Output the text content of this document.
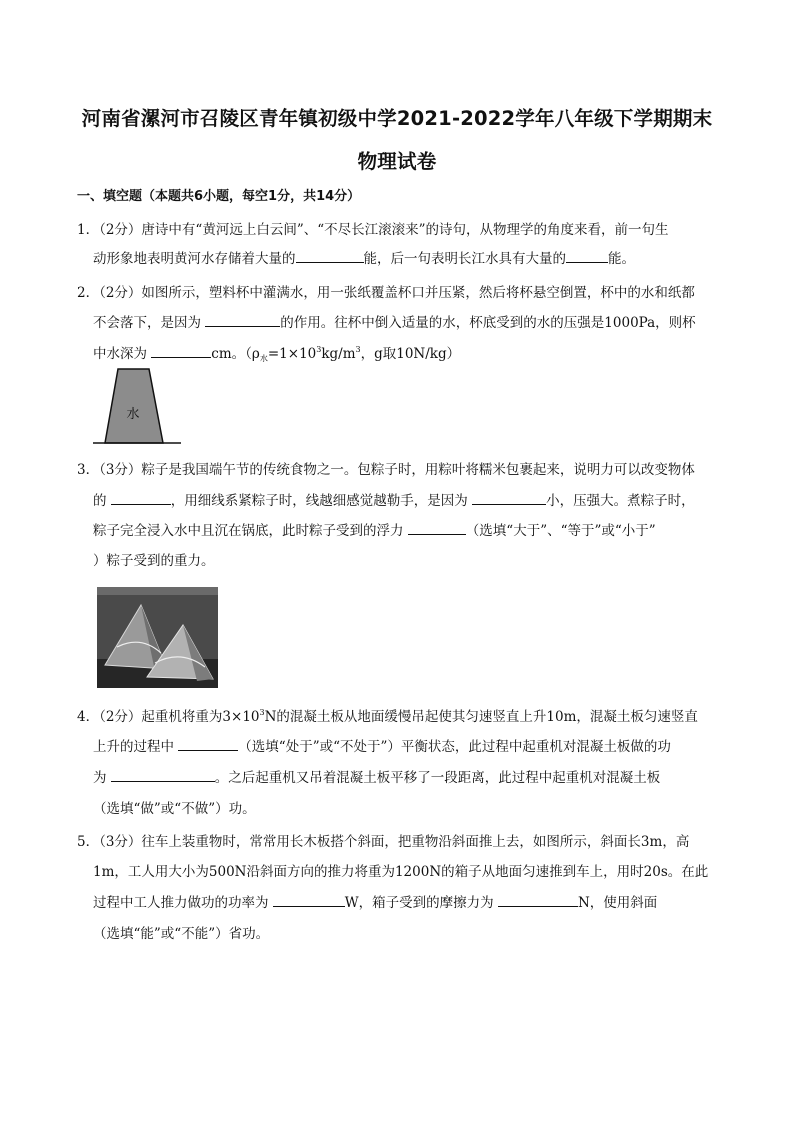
河南省漯河市召陵区青年镇初级中学2021-2022学年八年级下学期期末
物理试卷
一、填空题（本题共6小题，每空1分，共14分）
1．（2分）唐诗中有“黄河远上白云间”、“不尽长江滚滚来”的诗句，从物理学的角度来看，前一句生
动形象地表明黄河水存储着大量的	能，后一句表明长江水具有大量的	能。
2．（2分）如图所示，塑料杯中灌满水，用一张纸覆盖杯口并压紧，然后将杯悬空倒置，杯中的水和纸都
不会落下，是因为	的作用。往杯中倒入适量的水，杯底受到的水的压强是1000Pa，则杯
中水深为	cm。（$\rho_水=1\times 10^3kg/m^3$，g取10N/kg）
水
3．（3分）粽子是我国端午节的传统食物之一。包粽子时，用粽叶将糯米包裹起来，说明力可以改变物体
的	，用细线系紧粽子时，线越细感觉越勒手，是因为	小，压强大。煮粽子时，
粽子完全浸入水中且沉在锅底，此时粽子受到的浮力	（选填“大于”、“等于”或“小于”
）粽子受到的重力。
4．（2分）起重机将重为$3\times 10^3N$的混凝土板从地面缓慢吊起使其匀速竖直上升10m，混凝土板匀速竖直
上升的过程中	（选填“处于”或“不处于”）平衡状态，此过程中起重机对混凝土板做的功
为	。之后起重机又吊着混凝土板平移了一段距离，此过程中起重机对混凝土板
（选填“做”或“不做”）功。
5．（3分）往车上装重物时，常常用长木板搭个斜面，把重物沿斜面推上去，如图所示，斜面长3m，高
1m，工人用大小为500N沿斜面方向的推力将重为1200N的箱子从地面匀速推到车上，用时20s。在此
过程中工人推力做功的功率为	W，箱子受到的摩擦力为	N，使用斜面
（选填“能”或“不能”）省功。
